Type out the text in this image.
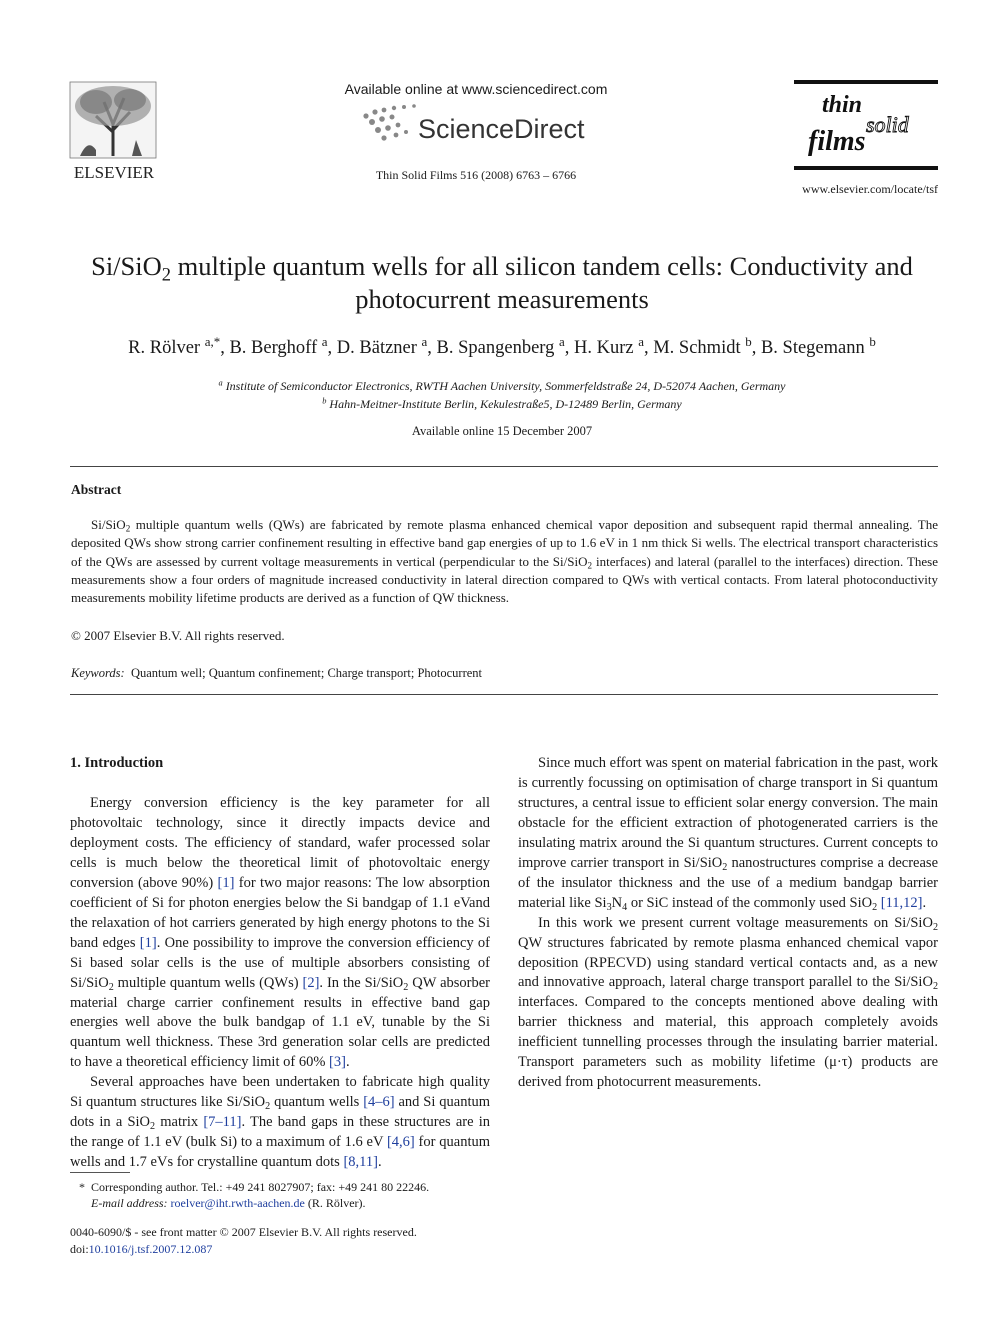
ELSEVIER
Available online at www.sciencedirect.com
ScienceDirect
Thin Solid Films 516 (2008) 6763 – 6766
thin
solid
films
www.elsevier.com/locate/tsf
Si/SiO$_2$ multiple quantum wells for all silicon tandem cells: Conductivity and
photocurrent measurements
R. Rölver $^{a,*}$, B. Berghoff $^a$, D. Bätzner $^a$, B. Spangenberg $^a$, H. Kurz $^a$, M. Schmidt $^b$, B. Stegemann $^b$
$^a$ Institute of Semiconductor Electronics, RWTH Aachen University, Sommerfeldstraße 24, D-52074 Aachen, Germany
$^b$ Hahn-Meitner-Institute Berlin, Kekulestraße5, D-12489 Berlin, Germany
Available online 15 December 2007
Abstract
Si/SiO$_2$ multiple quantum wells (QWs) are fabricated by remote plasma enhanced chemical vapor deposition and subsequent rapid thermal annealing. The deposited QWs show strong carrier confinement resulting in effective band gap energies of up to 1.6 eV in 1 nm thick Si wells. The electrical transport characteristics of the QWs are assessed by current voltage measurements in vertical (perpendicular to the Si/SiO$_2$ interfaces) and lateral (parallel to the interfaces) direction. These measurements show a four orders of magnitude increased conductivity in lateral direction compared to QWs with vertical contacts. From lateral photoconductivity measurements mobility lifetime products are derived as a function of QW thickness.
© 2007 Elsevier B.V. All rights reserved.
Keywords: Quantum well; Quantum confinement; Charge transport; Photocurrent
1. Introduction

Energy conversion efficiency is the key parameter for all photovoltaic technology, since it directly impacts device and deployment costs. The efficiency of standard, wafer processed solar cells is much below the theoretical limit of photovoltaic energy conversion (above 90%) [1] for two major reasons: The low absorption coefficient of Si for photon energies below the Si bandgap of 1.1 eVand the relaxation of hot carriers generated by high energy photons to the Si band edges [1]. One possibility to improve the conversion efficiency of Si based solar cells is the use of multiple absorbers consisting of Si/SiO$_2$ multiple quantum wells (QWs) [2]. In the Si/SiO$_2$ QW absorber material charge carrier confinement results in effective band gap energies well above the bulk bandgap of 1.1 eV, tunable by the Si quantum well thickness. These 3rd generation solar cells are predicted to have a theoretical efficiency limit of 60% [3].

Several approaches have been undertaken to fabricate high quality Si quantum structures like Si/SiO$_2$ quantum wells [4–6] and Si quantum dots in a SiO$_2$ matrix [7–11]. The band gaps in these structures are in the range of 1.1 eV (bulk Si) to a maximum of 1.6 eV [4,6] for quantum wells and 1.7 eVs for crystalline quantum dots [8,11].

Since much effort was spent on material fabrication in the past, work is currently focussing on optimisation of charge transport in Si quantum structures, a central issue to efficient solar energy conversion. The main obstacle for the efficient extraction of photogenerated carriers is the insulating matrix around the Si quantum structures. Current concepts to improve carrier transport in Si/SiO$_2$ nanostructures comprise a decrease of the insulator thickness and the use of a medium bandgap barrier material like $Si_3N_4$ or SiC instead of the commonly used SiO$_2$ [11,12].

In this work we present current voltage measurements on Si/SiO$_2$ QW structures fabricated by remote plasma enhanced chemical vapor deposition (RPECVD) using standard vertical contacts and, as a new and innovative approach, lateral charge transport parallel to the Si/SiO$_2$ interfaces. Compared to the concepts mentioned above dealing with barrier thickness and material, this approach completely avoids inefficient tunnelling processes through the insulating barrier material. Transport parameters such as mobility lifetime (μ·τ) products are derived from photocurrent measurements.

* Corresponding author. Tel.: +49 241 8027907; fax: +49 241 80 22246.
E-mail address: roelver@iht.rwth-aachen.de (R. Rölver).
0040-6090/$ - see front matter © 2007 Elsevier B.V. All rights reserved.
doi:10.1016/j.tsf.2007.12.087
